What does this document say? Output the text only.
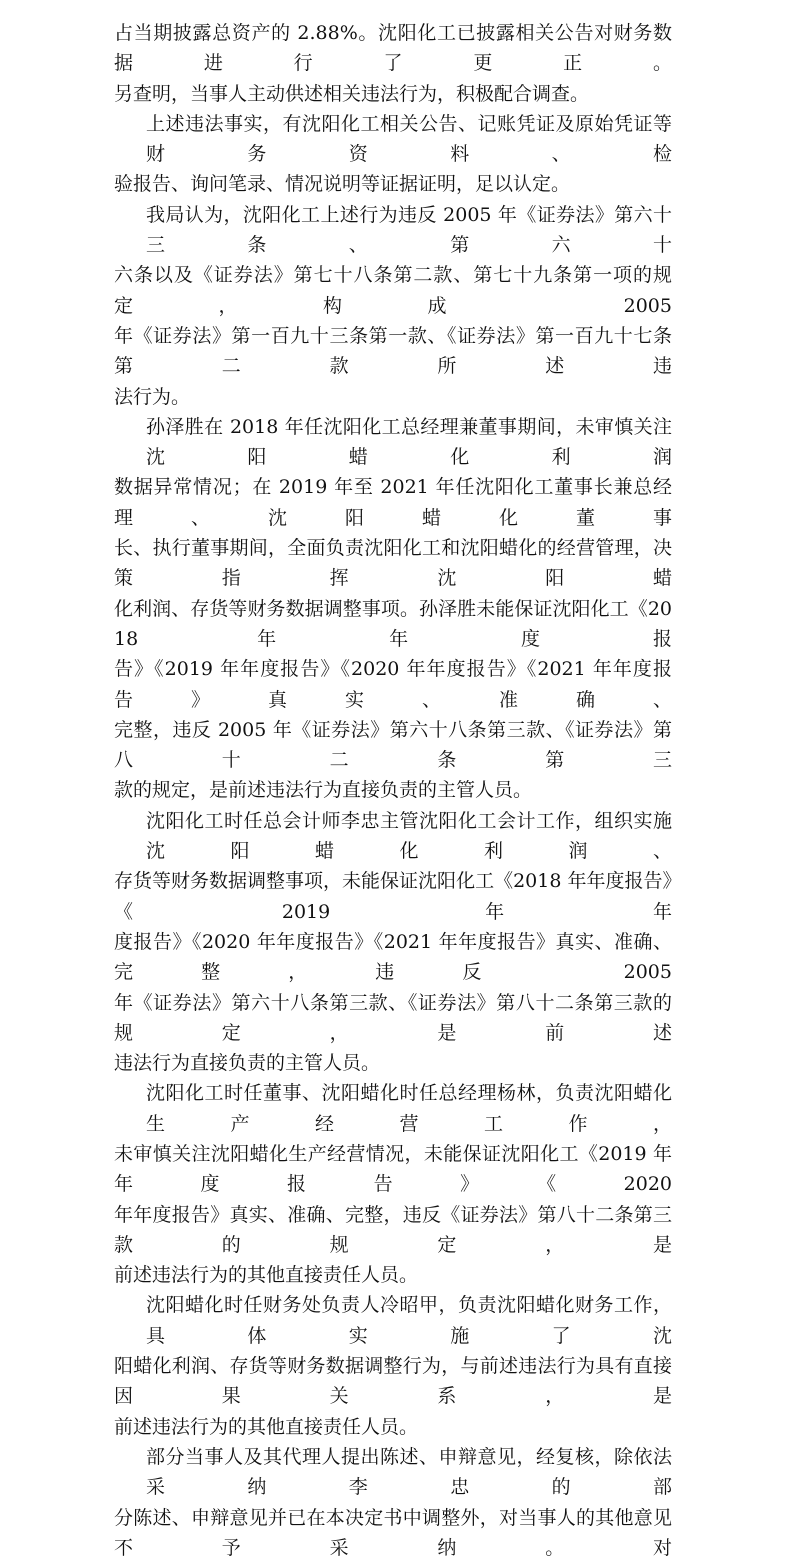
占当期披露总资产的 2.88%。沈阳化工已披露相关公告对财务数据进行了更正。
另查明，当事人主动供述相关违法行为，积极配合调查。
上述违法事实，有沈阳化工相关公告、记账凭证及原始凭证等财务资料、检
验报告、询问笔录、情况说明等证据证明，足以认定。
我局认为，沈阳化工上述行为违反 2005 年《证券法》第六十三条、第六十
六条以及《证券法》第七十八条第二款、第七十九条第一项的规定，构成 2005
年《证券法》第一百九十三条第一款、《证券法》第一百九十七条第二款所述违
法行为。
孙泽胜在 2018 年任沈阳化工总经理兼董事期间，未审慎关注沈阳蜡化利润
数据异常情况；在 2019 年至 2021 年任沈阳化工董事长兼总经理、沈阳蜡化董事
长、执行董事期间，全面负责沈阳化工和沈阳蜡化的经营管理，决策指挥沈阳蜡
化利润、存货等财务数据调整事项。孙泽胜未能保证沈阳化工《2018 年年度报
告》《2019 年年度报告》《2020 年年度报告》《2021 年年度报告》真实、准确、
完整，违反 2005 年《证券法》第六十八条第三款、《证券法》第八十二条第三
款的规定，是前述违法行为直接负责的主管人员。
沈阳化工时任总会计师李忠主管沈阳化工会计工作，组织实施沈阳蜡化利润、
存货等财务数据调整事项，未能保证沈阳化工《2018 年年度报告》《2019 年年
度报告》《2020 年年度报告》《2021 年年度报告》真实、准确、完整，违反 2005
年《证券法》第六十八条第三款、《证券法》第八十二条第三款的规定，是前述
违法行为直接负责的主管人员。
沈阳化工时任董事、沈阳蜡化时任总经理杨林，负责沈阳蜡化生产经营工作，
未审慎关注沈阳蜡化生产经营情况，未能保证沈阳化工《2019 年年度报告》《2020
年年度报告》真实、准确、完整，违反《证券法》第八十二条第三款的规定，是
前述违法行为的其他直接责任人员。
沈阳蜡化时任财务处负责人冷昭甲，负责沈阳蜡化财务工作，具体实施了沈
阳蜡化利润、存货等财务数据调整行为，与前述违法行为具有直接因果关系，是
前述违法行为的其他直接责任人员。
部分当事人及其代理人提出陈述、申辩意见，经复核，除依法采纳李忠的部
分陈述、申辩意见并已在本决定书中调整外，对当事人的其他意见不予采纳。对
